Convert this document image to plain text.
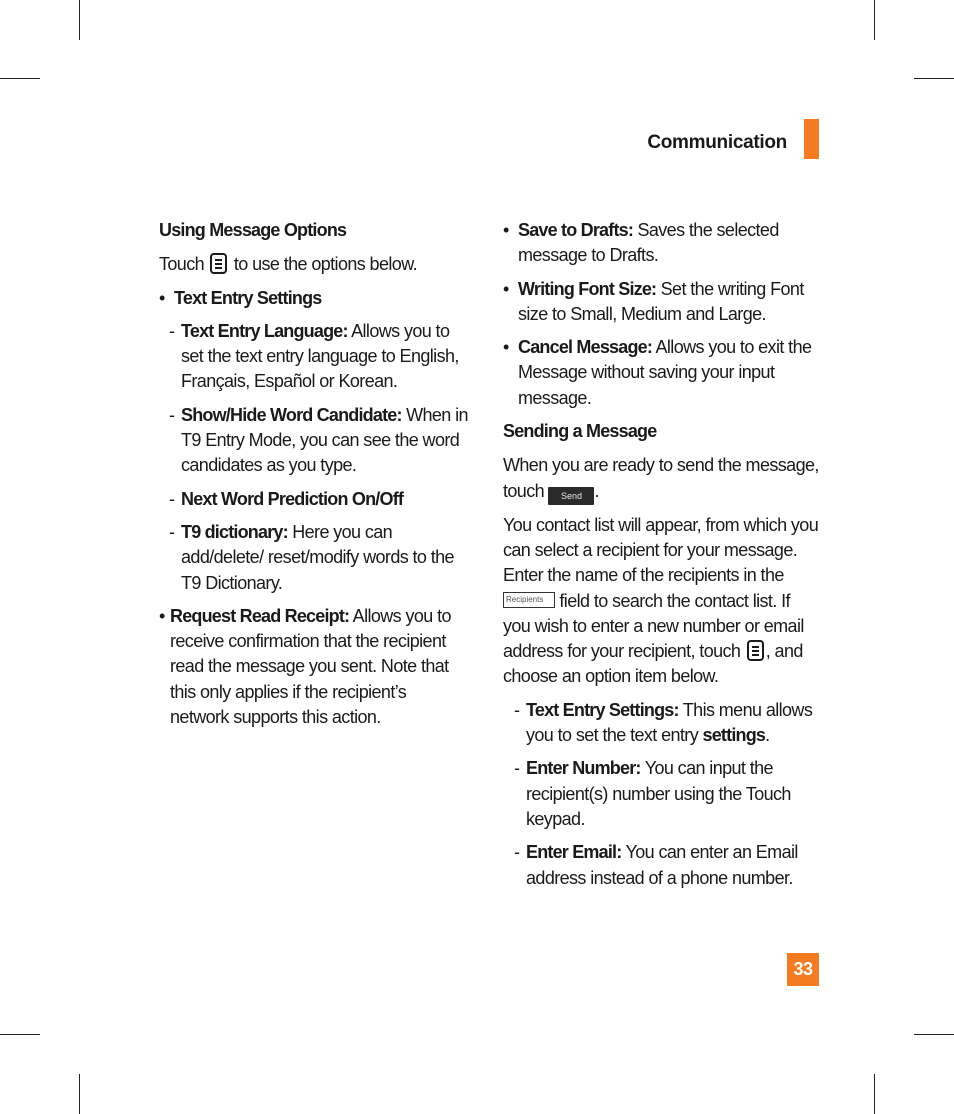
Communication

Using Message Options

Touch to use the options below.

• Text Entry Settings

- Text Entry Language: Allows you to set the text entry language to English, Français, Español or Korean.

- Show/Hide Word Candidate: When in T9 Entry Mode, you can see the word candidates as you type.

- Next Word Prediction On/Off

- T9 dictionary: Here you can add/delete/ reset/modify words to the T9 Dictionary.

• Request Read Receipt: Allows you to receive confirmation that the recipient read the message you sent. Note that this only applies if the recipient’s network supports this action.

• Save to Drafts: Saves the selected message to Drafts.

• Writing Font Size: Set the writing Font size to Small, Medium and Large.

• Cancel Message: Allows you to exit the Message without saving your input message.

Sending a Message

When you are ready to send the message, touch Send .

You contact list will appear, from which you can select a recipient for your message. Enter the name of the recipients in the Recipients field to search the contact list. If you wish to enter a new number or email address for your recipient, touch , and choose an option item below.

- Text Entry Settings: This menu allows you to set the text entry settings.

- Enter Number: You can input the recipient(s) number using the Touch keypad.

- Enter Email: You can enter an Email address instead of a phone number.

33
